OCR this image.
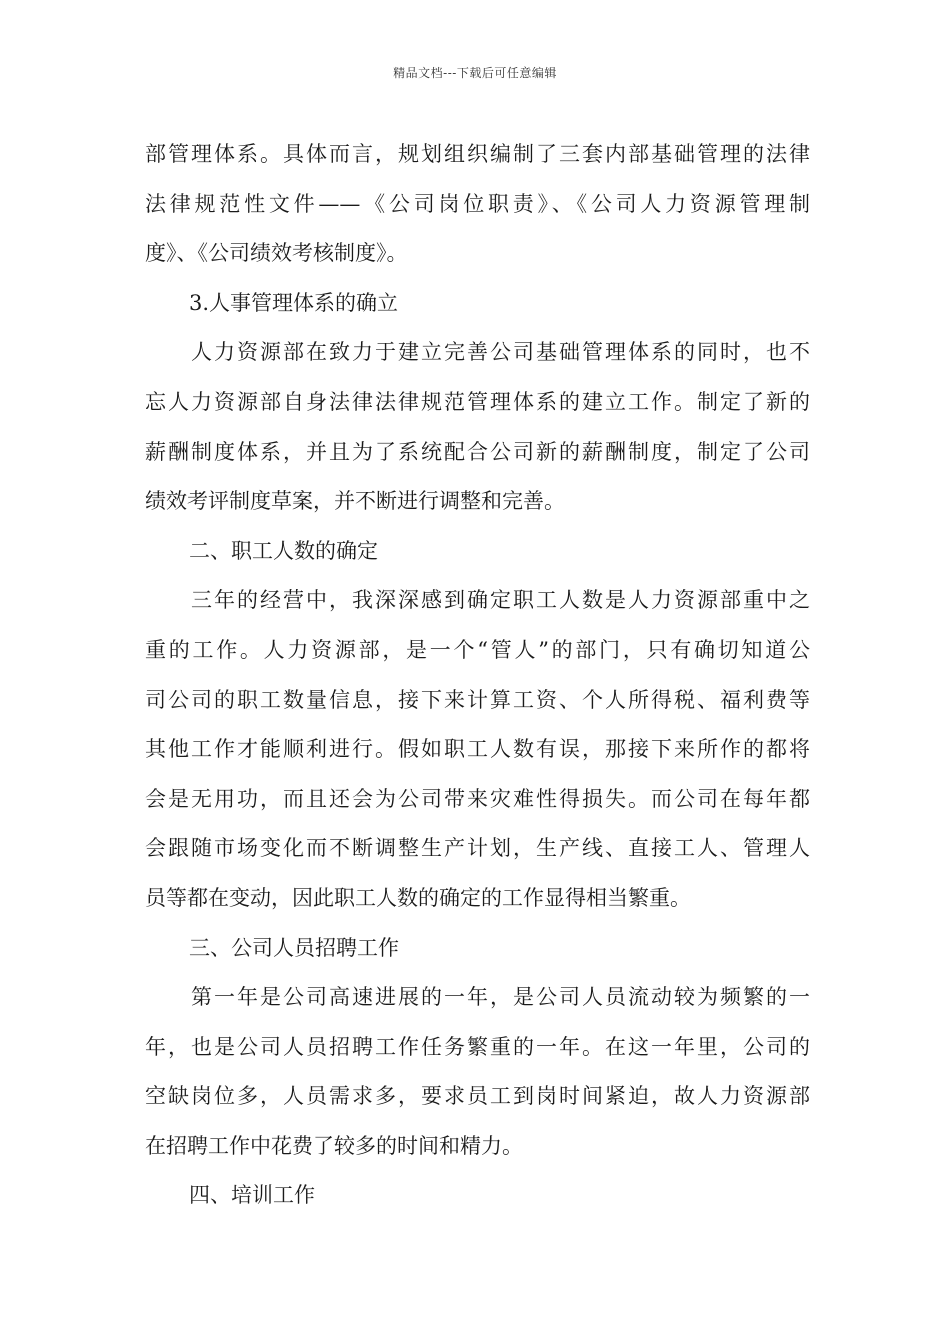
精品文档---下载后可任意编辑
部管理体系。具体而言，规划组织编制了三套内部基础管理的法律
法律规范性文件——《公司岗位职责》、《公司人力资源管理制
度》、《公司绩效考核制度》。
3.人事管理体系的确立
人力资源部在致力于建立完善公司基础管理体系的同时，也不
忘人力资源部自身法律法律规范管理体系的建立工作。制定了新的
薪酬制度体系，并且为了系统配合公司新的薪酬制度，制定了公司
绩效考评制度草案，并不断进行调整和完善。
二、职工人数的确定
三年的经营中，我深深感到确定职工人数是人力资源部重中之
重的工作。人力资源部，是一个“管人”的部门，只有确切知道公
司公司的职工数量信息，接下来计算工资、个人所得税、福利费等
其他工作才能顺利进行。假如职工人数有误，那接下来所作的都将
会是无用功，而且还会为公司带来灾难性得损失。而公司在每年都
会跟随市场变化而不断调整生产计划，生产线、直接工人、管理人
员等都在变动，因此职工人数的确定的工作显得相当繁重。
三、公司人员招聘工作
第一年是公司高速进展的一年，是公司人员流动较为频繁的一
年，也是公司人员招聘工作任务繁重的一年。在这一年里，公司的
空缺岗位多，人员需求多，要求员工到岗时间紧迫，故人力资源部
在招聘工作中花费了较多的时间和精力。
四、培训工作
